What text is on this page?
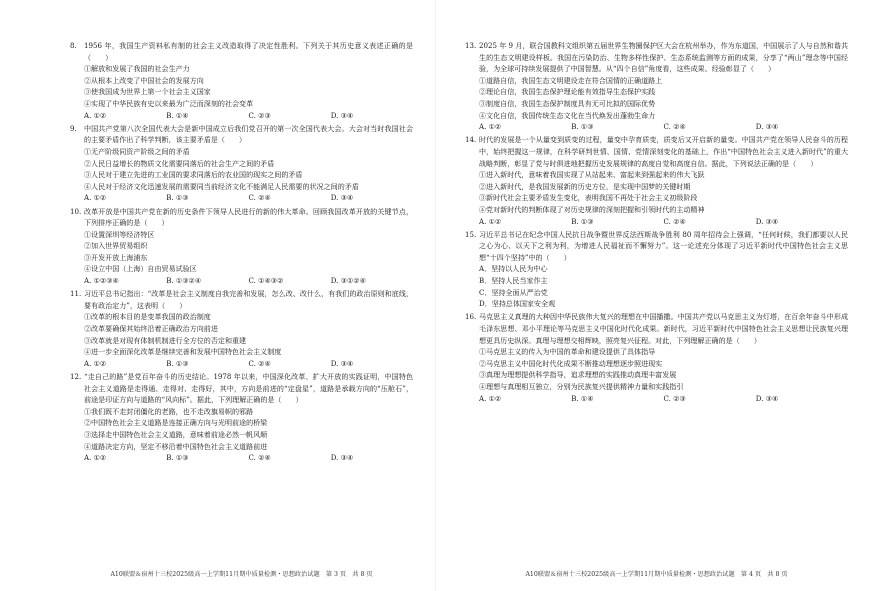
8.	1956 年，我国生产资料私有制的社会主义改造取得了决定性胜利。下列关于其历史意义表述正确的是（　　）
①解放和发展了我国的社会生产力
②从根本上改变了中国社会的发展方向
③使我国成为世界上第一个社会主义国家
④实现了中华民族有史以来最为广泛而深刻的社会变革
A. ①②	B. ①④	C. ②③	D. ③④
9.	中国共产党第八次全国代表大会是新中国成立后我们党召开的第一次全国代表大会。大会对当时我国社会的主要矛盾作出了科学判断，该主要矛盾是（　　）
①无产阶级同资产阶级之间的矛盾
②人民日益增长的物质文化需要同落后的社会生产之间的矛盾
③人民对于建立先进的工业国的要求同落后的农业国的现实之间的矛盾
④人民对于经济文化迅速发展的需要同当前经济文化不能满足人民需要的状况之间的矛盾
A. ①②	B. ①③	C. ②④	D. ③④
10. 改革开放是中国共产党在新的历史条件下领导人民进行的新的伟大革命。回顾我国改革开放的关键节点，下列排序正确的是（　　）
①设置深圳等经济特区
②加入世界贸易组织
③开发开放上海浦东
④设立中国（上海）自由贸易试验区
A. ①②③④	B. ①③②④	C. ①④③②	D. ③①②④
11. 习近平总书记指出：“改革是社会主义制度自我完善和发展，怎么改、改什么，有我们的政治原则和底线，要有政治定力”，这表明（　　）
①改革的根本目的是变革我国的政治制度
②改革要确保其始终沿着正确政治方向前进
③改革就是对现有体制机制进行全方位的否定和重建
④进一步全面深化改革是继续完善和发展中国特色社会主义制度
A. ①②	B. ①③	C. ②④	D. ③④
12. “走自己的路”是党百年奋斗的历史结论。1978 年以来，中国深化改革、扩大开放的实践证明，中国特色社会主义道路是走得通、走得对、走得好，其中，方向是前进的“定盘星”，道路是承载方向的“压舱石”，前途是印证方向与道路的“风向标”。据此，下列理解正确的是（　　）
①我们既不走封闭僵化的老路，也不走改旗易帜的邪路
②中国特色社会主义道路是连接正确方向与光明前途的桥梁
③选择走中国特色社会主义道路，意味着前途必然一帆风顺
④道路决定方向，坚定不移沿着中国特色社会主义道路前进
A. ①②	B. ①③	C. ②④	D. ③④
A10联盟＆宿州十三校2025级高一上学期11月期中质量检测・思想政治试题　第 3 页　共 8 页
13. 2025 年 9 月，联合国教科文组织第五届世界生物圈保护区大会在杭州举办，作为东道国，中国展示了人与自然和谐共生的生态文明建设样板。我国在污染防治、生物多样性保护、生态系统监测等方面的成果，分享了“两山”理念等中国经验，为全球可持续发展提供了中国智慧。从“四个自信”角度看，这些成果、经验彰显了（　　）
①道路自信，我国生态文明建设走在符合国情的正确道路上
②理论自信，我国生态保护理论能有效指导生态保护实践
③制度自信，我国生态保护制度具有无可比拟的国际优势
④文化自信，我国传统生态文化在当代焕发出蓬勃生命力
A. ①②	B. ①③	C. ②④	D. ③④
14. 时代的发展是一个从量变到质变的过程，量变中孕育质变，质变后又开启新的量变。中国共产党在领导人民奋斗的历程中，始终把握这一规律，在科学研判世情、国情、党情深刻变化的基础上，作出“中国特色社会主义进入新时代”的重大战略判断，彰显了党与时俱进地把握历史发展规律的高度自觉和高度自信。据此，下列说法正确的是（　　）
①进入新时代，意味着我国实现了从站起来、富起来到强起来的伟大飞跃
②进入新时代，是我国发展新的历史方位，是实现中国梦的关键时期
③新时代社会主要矛盾发生变化，表明我国不再处于社会主义初级阶段
④党对新时代的判断体现了对历史规律的深刻把握和引领时代的主动精神
A. ①②	B. ①③	C. ②④	D. ③④
15. 习近平总书记在纪念中国人民抗日战争暨世界反法西斯战争胜利 80 周年招待会上强调，“任何时候，我们都要以人民之心为心、以天下之利为利，为增进人民福祉而不懈努力”。这一论述充分体现了习近平新时代中国特色社会主义思想“十四个坚持”中的（　　）
A．坚持以人民为中心
B．坚持人民当家作主
C．坚持全面从严治党
D．坚持总体国家安全观
16. 马克思主义真理的大种因中华民族伟大复兴的理想在中国播撒。中国共产党以马克思主义为灯塔，在百余年奋斗中形成毛泽东思想、邓小平理论等马克思主义中国化时代化成果。新时代，习近平新时代中国特色社会主义思想让民族复兴理想更具历史纵深。真理与理想交相辉映，照亮复兴征程。对此，下列理解正确的是（　　）
①马克思主义的传入为中国的革命和建设提供了具体指导
②马克思主义中国化时代化成果不断推动理想逐步照进现实
③真理为理想提供科学指导，追求理想的实践推动真理丰富发展
④理想与真理相互独立，分别为民族复兴提供精神力量和实践指引
A. ①②	B. ①④	C. ②③	D. ③④
A10联盟＆宿州十三校2025级高一上学期11月期中质量检测・思想政治试题　第 4 页　共 8 页
